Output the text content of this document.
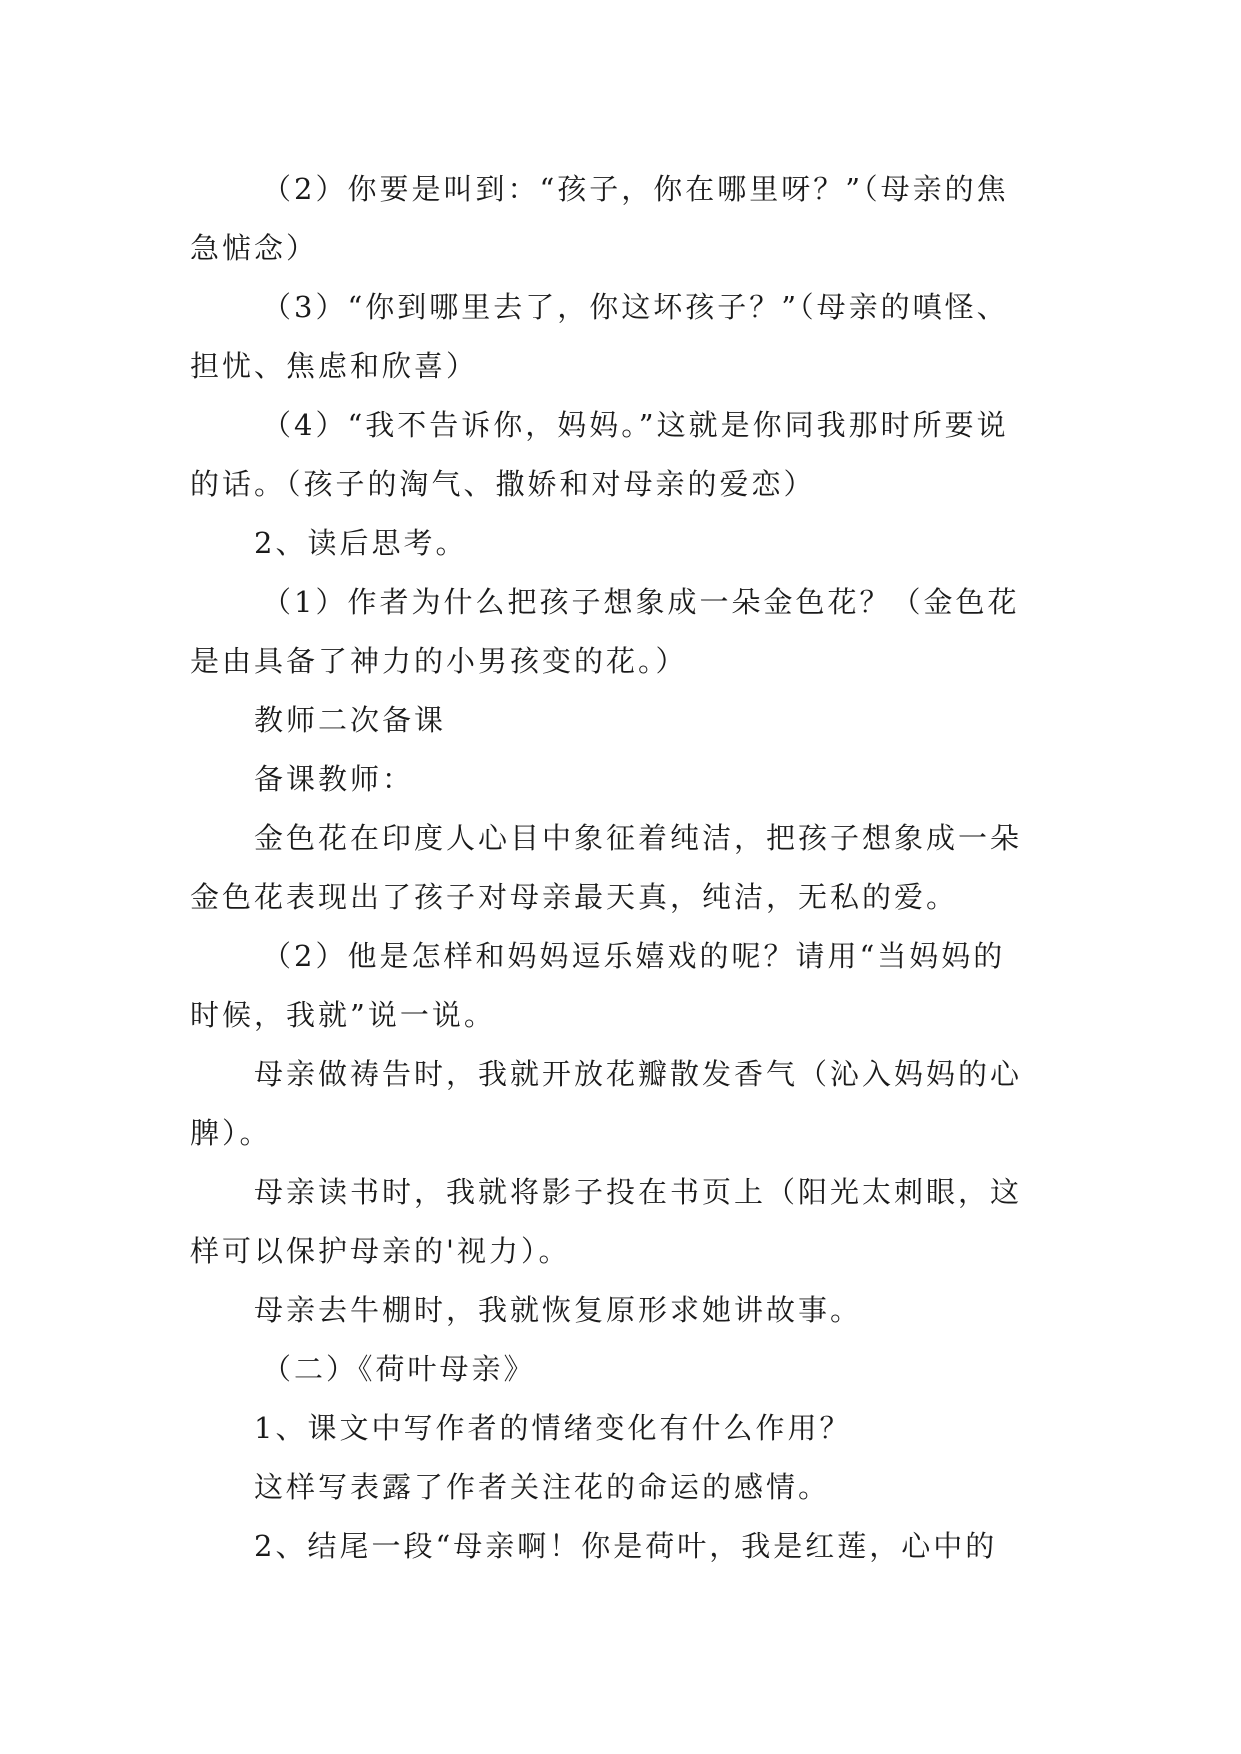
（2）你要是叫到：“孩子，你在哪里呀？”（母亲的焦
急惦念）
（3）“你到哪里去了，你这坏孩子？”（母亲的嗔怪、
担忧、焦虑和欣喜）
（4）“我不告诉你，妈妈。”这就是你同我那时所要说
的话。（孩子的淘气、撒娇和对母亲的爱恋）
2、读后思考。
（1）作者为什么把孩子想象成一朵金色花？（金色花
是由具备了神力的小男孩变的花。）
教师二次备课
备课教师：
金色花在印度人心目中象征着纯洁，把孩子想象成一朵
金色花表现出了孩子对母亲最天真，纯洁，无私的爱。
（2）他是怎样和妈妈逗乐嬉戏的呢？请用“当妈妈的
时候，我就”说一说。
母亲做祷告时，我就开放花瓣散发香气（沁入妈妈的心
脾）。
母亲读书时，我就将影子投在书页上（阳光太刺眼，这
样可以保护母亲的'视力）。
母亲去牛棚时，我就恢复原形求她讲故事。
（二）《荷叶母亲》
1、课文中写作者的情绪变化有什么作用？
这样写表露了作者关注花的命运的感情。
2、结尾一段“母亲啊！你是荷叶，我是红莲，心中的
